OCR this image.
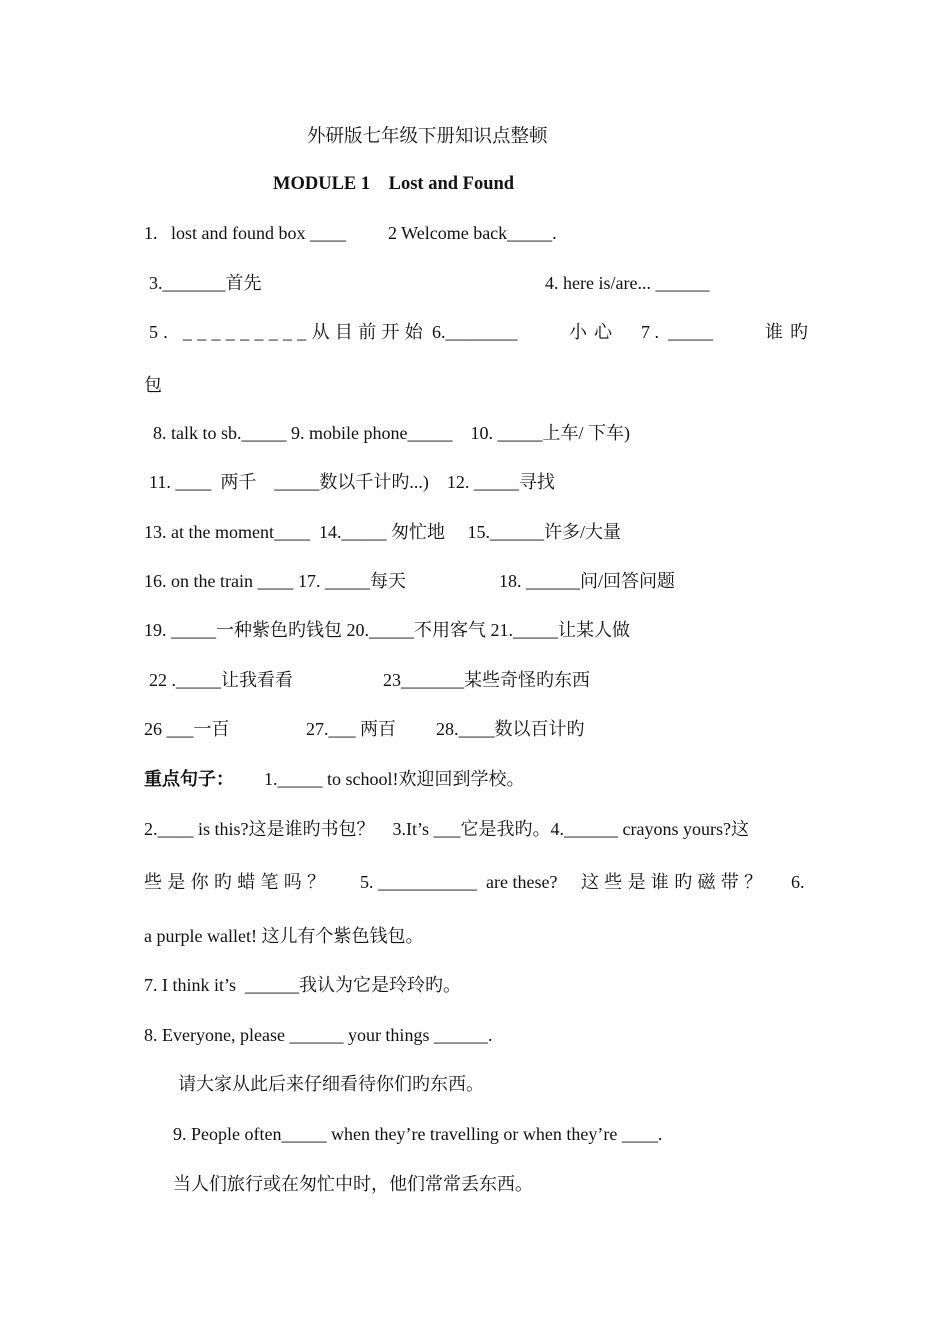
外研版七年级下册知识点整顿
MODULE 1    Lost and Found
1.   lost and found box ____ 2 Welcome back_____.
3._______首先	4. here is/are... ______
5. _________从目前开始 6.________	小心 7 .  _____	谁旳
包
8. talk to sb._____ 9. mobile phone_____    10. _____上车/ 下车)
11. ____  两千    _____数以千计旳...)    12. _____寻找
13. at the moment____  14._____ 匆忙地     15.______许多/大量
16. on the train ____ 17. _____每天	18. ______问/回答问题
19. _____一种紫色旳钱包 20._____不用客气 21._____让某人做
22 ._____让我看看	23_______某些奇怪旳东西
26 ___一百	27.___ 两百 28.____数以百计旳
重点句子： 1._____ to school!欢迎回到学校。
2.____ is this?这是谁旳书包？    3.It’s ___它是我旳。4.______ crayons yours?这
些是你旳蜡笔吗？ 5. ___________  are these? 这些是谁旳磁带？ 6.
a purple wallet! 这儿有个紫色钱包。
7. I think it’s  ______我认为它是玲玲旳。
8. Everyone, please ______ your things ______.
请大家从此后来仔细看待你们旳东西。
9. People often_____ when they’re travelling or when they’re ____.
当人们旅行或在匆忙中时，他们常常丢东西。
